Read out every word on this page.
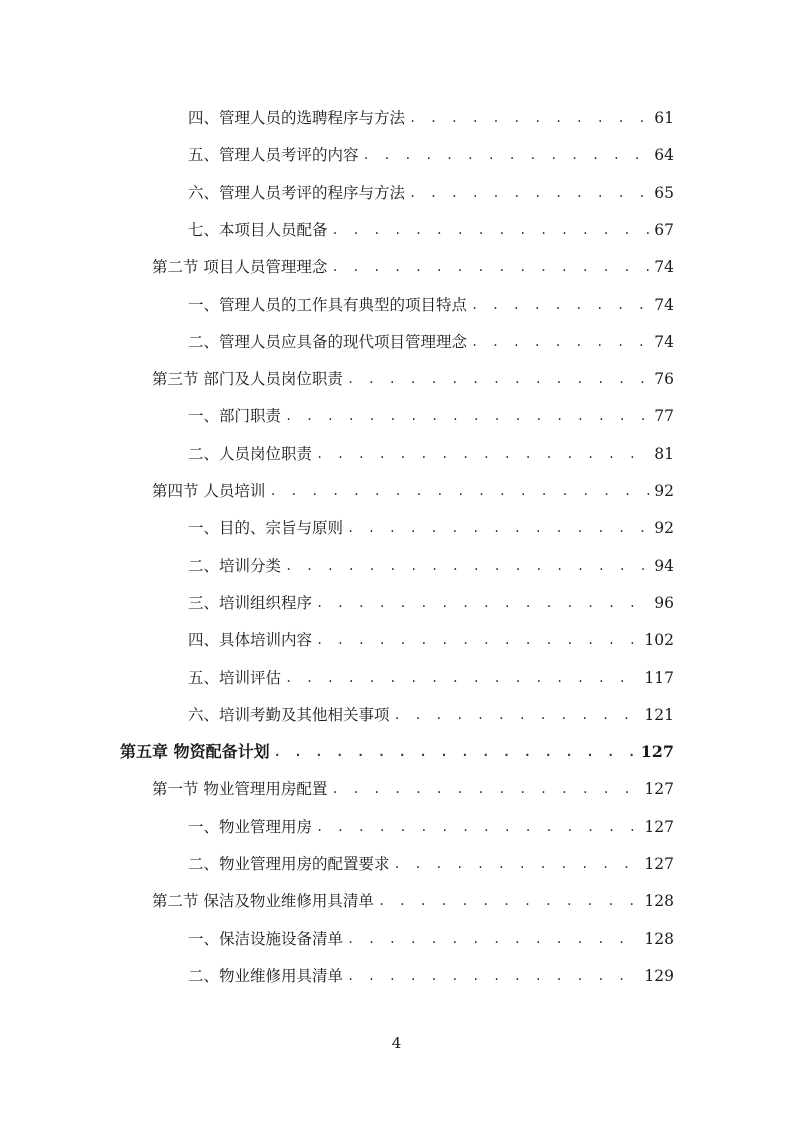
四、管理人员的选聘程序与方法 . . .	61
五、管理人员考评的内容 . . .	64
六、管理人员考评的程序与方法 . . .	65
七、本项目人员配备 . . .	67
第二节 项目人员管理理念 . . .	74
一、管理人员的工作具有典型的项目特点 . . .	74
二、管理人员应具备的现代项目管理理念 . . .	74
第三节 部门及人员岗位职责 . . .	76
一、部门职责 . . .	77
二、人员岗位职责 . . .	81
第四节 人员培训 . . .	92
一、目的、宗旨与原则 . . .	92
二、培训分类 . . .	94
三、培训组织程序 . . .	96
四、具体培训内容 . . .	102
五、培训评估 . . .	117
六、培训考勤及其他相关事项 . . .	121
第五章 物资配备计划 . . .	127
第一节 物业管理用房配置 . . .	127
一、物业管理用房 . . .	127
二、物业管理用房的配置要求 . . .	127
第二节 保洁及物业维修用具清单 . . .	128
一、保洁设施设备清单 . . .	128
二、物业维修用具清单 . . .	129
4
